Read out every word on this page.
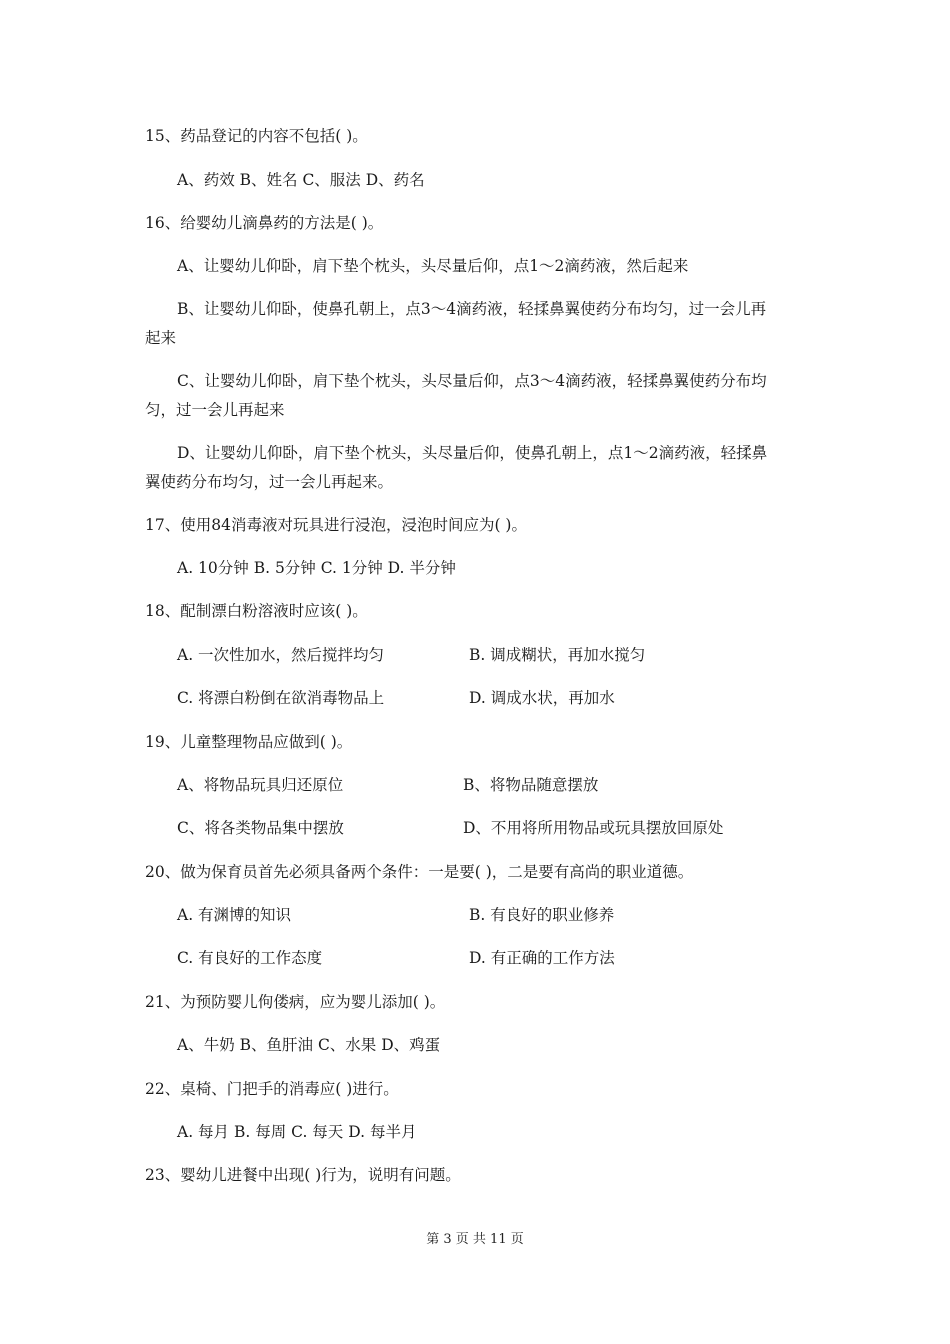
15、药品登记的内容不包括( )。
A、药效 B、姓名 C、服法 D、药名
16、给婴幼儿滴鼻药的方法是( )。
A、让婴幼儿仰卧，肩下垫个枕头，头尽量后仰，点1～2滴药液，然后起来
B、让婴幼儿仰卧，使鼻孔朝上，点3～4滴药液，轻揉鼻翼使药分布均匀，过一会儿再
起来
C、让婴幼儿仰卧，肩下垫个枕头，头尽量后仰，点3～4滴药液，轻揉鼻翼使药分布均
匀，过一会儿再起来
D、让婴幼儿仰卧，肩下垫个枕头，头尽量后仰，使鼻孔朝上，点1～2滴药液，轻揉鼻
翼使药分布均匀，过一会儿再起来。
17、使用84消毒液对玩具进行浸泡，浸泡时间应为( )。
A. 10分钟 B. 5分钟 C. 1分钟 D. 半分钟
18、配制漂白粉溶液时应该( )。
A. 一次性加水，然后搅拌均匀	B. 调成糊状，再加水搅匀
C. 将漂白粉倒在欲消毒物品上	D. 调成水状，再加水
19、儿童整理物品应做到( )。
A、将物品玩具归还原位	B、将物品随意摆放
C、将各类物品集中摆放	D、不用将所用物品或玩具摆放回原处
20、做为保育员首先必须具备两个条件：一是要( )，二是要有高尚的职业道德。
A. 有渊博的知识	B. 有良好的职业修养
C. 有良好的工作态度	D. 有正确的工作方法
21、为预防婴儿佝偻病，应为婴儿添加( )。
A、牛奶 B、鱼肝油 C、水果 D、鸡蛋
22、桌椅、门把手的消毒应( )进行。
A. 每月 B. 每周 C. 每天 D. 每半月
23、婴幼儿进餐中出现( )行为，说明有问题。
第 3 页 共 11 页
